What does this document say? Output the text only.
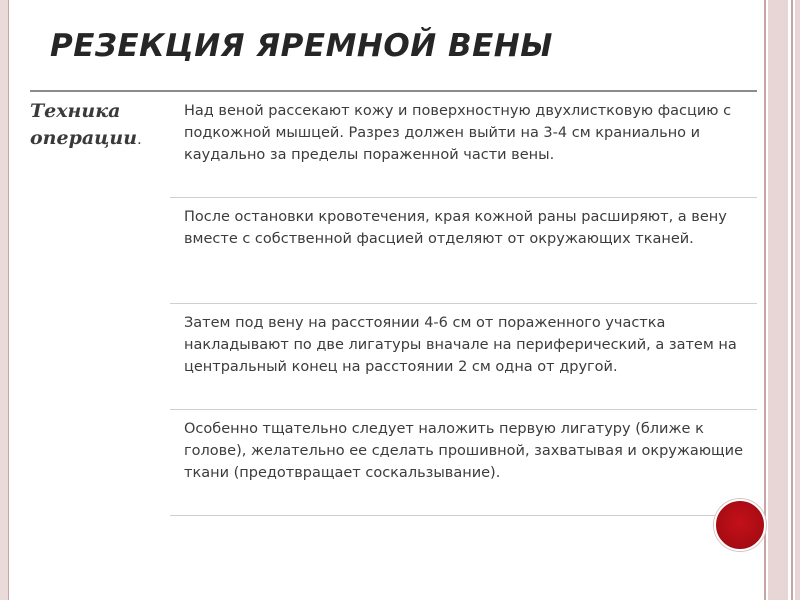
РЕЗЕКЦИЯ ЯРЕМНОЙ ВЕНЫ
Техника
операции.

Над веной рассекают кожу и поверхностную двухлистковую фасцию с подкожной мышцей. Разрез должен выйти на 3-4 см краниально и каудально за пределы пораженной части вены.

После остановки кровотечения, края кожной раны расширяют, а вену вместе с собственной фасцией отделяют от окружающих тканей.

Затем под вену на расстоянии 4-6 см от пораженного участка накладывают по две лигатуры вначале на периферический, а затем на центральный конец на расстоянии 2 см одна от другой.

Особенно тщательно следует наложить первую лигатуру (ближе к голове), желательно ее сделать прошивной, захватывая и окружающие ткани (предотвращает соскальзывание).
